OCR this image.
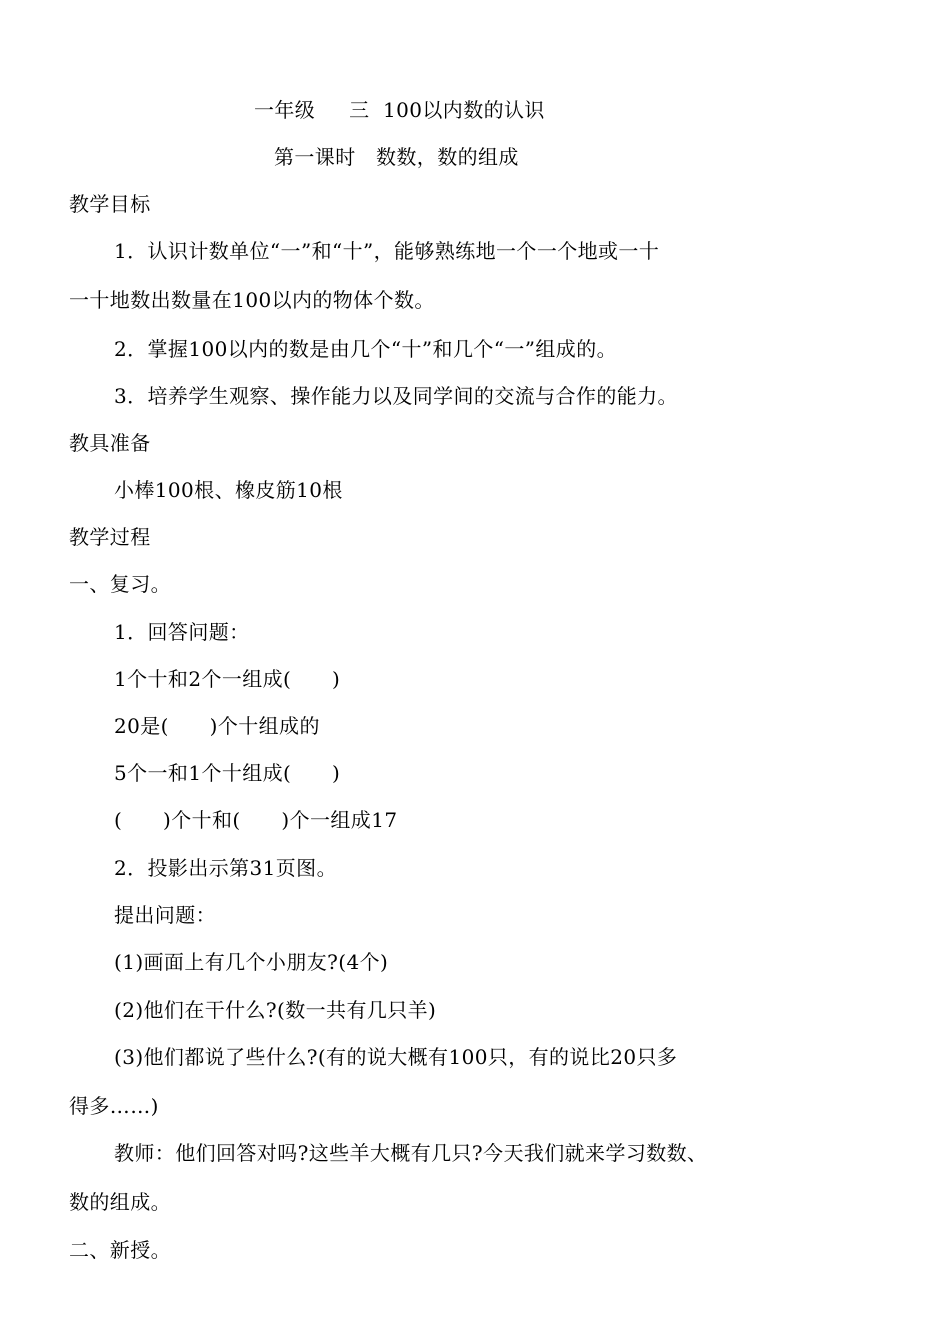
一年级　  三  100以内数的认识
第一课时　数数，数的组成
教学目标
1．认识计数单位“一”和“十”，能够熟练地一个一个地或一十
一十地数出数量在100以内的物体个数。
2．掌握100以内的数是由几个“十”和几个“一”组成的。
3．培养学生观察、操作能力以及同学间的交流与合作的能力。
教具准备
小棒100根、橡皮筋10根
教学过程
一、复习。
1．回答问题：
1个十和2个一组成(　　)
20是(　　)个十组成的
5个一和1个十组成(　　)
(　　)个十和(　　)个一组成17
2．投影出示第31页图。
提出问题：
(1)画面上有几个小朋友?(4个)
(2)他们在干什么?(数一共有几只羊)
(3)他们都说了些什么?(有的说大概有100只，有的说比20只多
得多……)
教师：他们回答对吗?这些羊大概有几只?今天我们就来学习数数、
数的组成。
二、新授。
